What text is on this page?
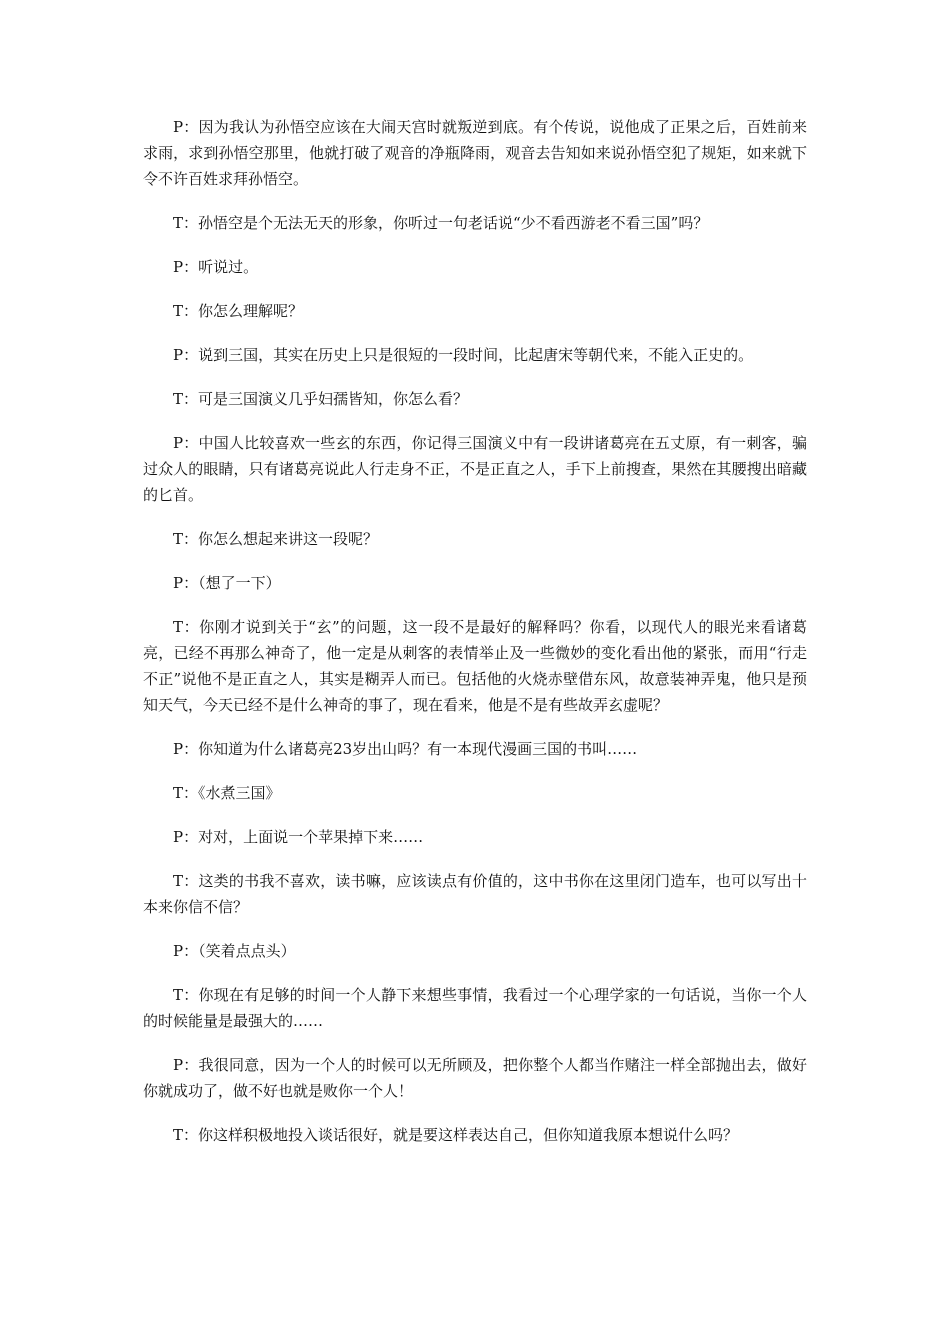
P：因为我认为孙悟空应该在大闹天宫时就叛逆到底。有个传说，说他成了正果之后，百姓前来求雨，求到孙悟空那里，他就打破了观音的净瓶降雨，观音去告知如来说孙悟空犯了规矩，如来就下令不许百姓求拜孙悟空。

T：孙悟空是个无法无天的形象，你听过一句老话说“少不看西游老不看三国”吗？

P：听说过。

T：你怎么理解呢？

P：说到三国，其实在历史上只是很短的一段时间，比起唐宋等朝代来，不能入正史的。

T：可是三国演义几乎妇孺皆知，你怎么看？

P：中国人比较喜欢一些玄的东西，你记得三国演义中有一段讲诸葛亮在五丈原，有一刺客，骗过众人的眼睛，只有诸葛亮说此人行走身不正，不是正直之人，手下上前搜查，果然在其腰搜出暗藏的匕首。

T：你怎么想起来讲这一段呢？

P：（想了一下）

T：你刚才说到关于“玄”的问题，这一段不是最好的解释吗？你看，以现代人的眼光来看诸葛亮，已经不再那么神奇了，他一定是从刺客的表情举止及一些微妙的变化看出他的紧张，而用“行走不正”说他不是正直之人，其实是糊弄人而已。包括他的火烧赤壁借东风，故意装神弄鬼，他只是预知天气，今天已经不是什么神奇的事了，现在看来，他是不是有些故弄玄虚呢？

P：你知道为什么诸葛亮23岁出山吗？有一本现代漫画三国的书叫……

T：《水煮三国》

P：对对，上面说一个苹果掉下来……

T：这类的书我不喜欢，读书嘛，应该读点有价值的，这中书你在这里闭门造车，也可以写出十本来你信不信？

P：（笑着点点头）

T：你现在有足够的时间一个人静下来想些事情，我看过一个心理学家的一句话说，当你一个人的时候能量是最强大的……

P：我很同意，因为一个人的时候可以无所顾及，把你整个人都当作赌注一样全部抛出去，做好你就成功了，做不好也就是败你一个人！

T：你这样积极地投入谈话很好，就是要这样表达自己，但你知道我原本想说什么吗？
